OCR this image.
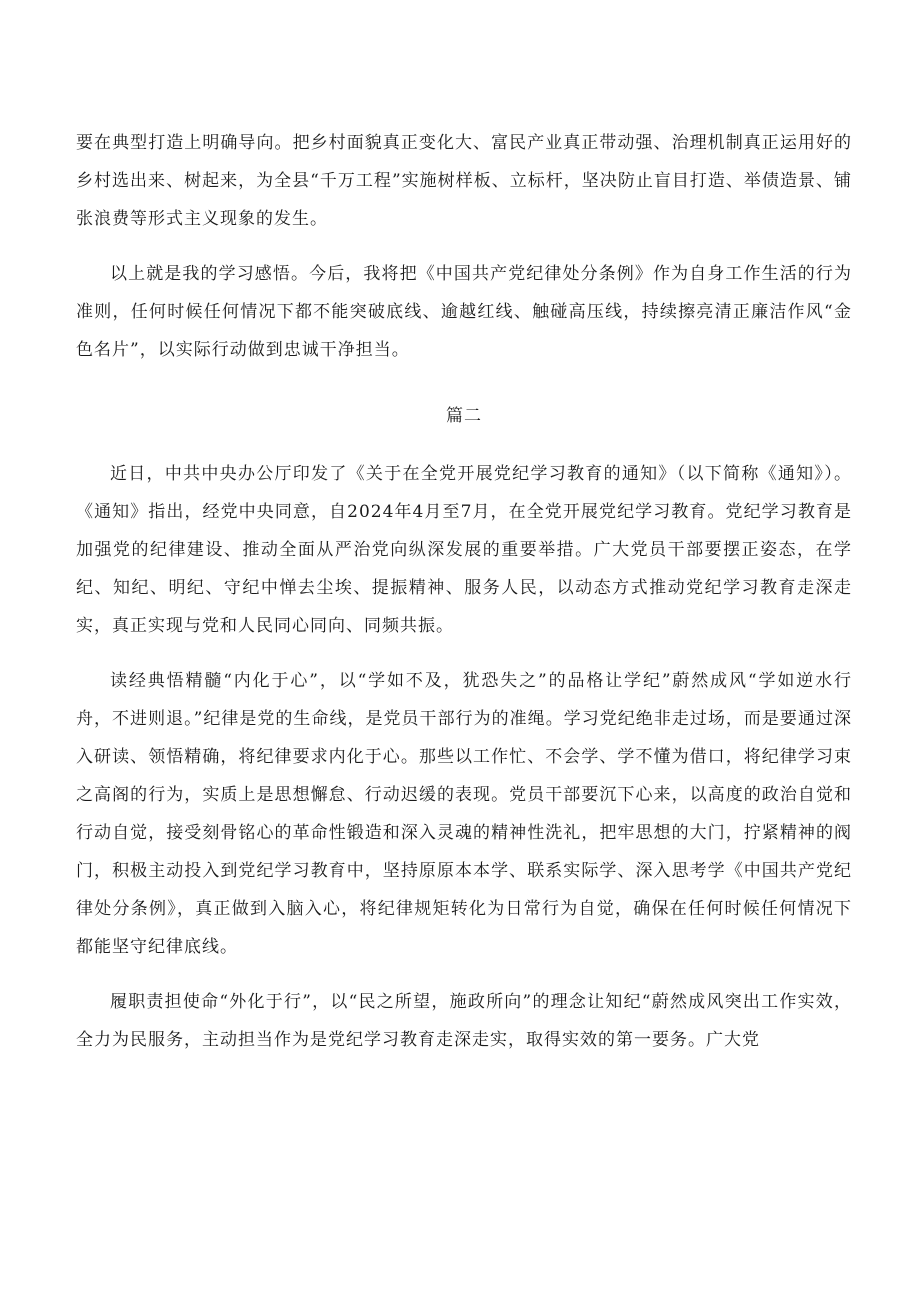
要在典型打造上明确导向。把乡村面貌真正变化大、富民产业真正带动强、治理机制真正运用好的乡村选出来、树起来，为全县“千万工程”实施树样板、立标杆，坚决防止盲目打造、举债造景、铺张浪费等形式主义现象的发生。

以上就是我的学习感悟。今后，我将把《中国共产党纪律处分条例》作为自身工作生活的行为准则，任何时候任何情况下都不能突破底线、逾越红线、触碰高压线，持续擦亮清正廉洁作风“金色名片”，以实际行动做到忠诚干净担当。

篇二

近日，中共中央办公厅印发了《关于在全党开展党纪学习教育的通知》（以下简称《通知》）。《通知》指出，经党中央同意，自2024年4月至7月，在全党开展党纪学习教育。党纪学习教育是加强党的纪律建设、推动全面从严治党向纵深发展的重要举措。广大党员干部要摆正姿态，在学纪、知纪、明纪、守纪中惮去尘埃、提振精神、服务人民，以动态方式推动党纪学习教育走深走实，真正实现与党和人民同心同向、同频共振。

读经典悟精髓“内化于心”，以“学如不及，犹恐失之”的品格让学纪”蔚然成风“学如逆水行舟，不进则退。”纪律是党的生命线，是党员干部行为的准绳。学习党纪绝非走过场，而是要通过深入研读、领悟精确，将纪律要求内化于心。那些以工作忙、不会学、学不懂为借口，将纪律学习束之高阁的行为，实质上是思想懈怠、行动迟缓的表现。党员干部要沉下心来，以高度的政治自觉和行动自觉，接受刻骨铭心的革命性锻造和深入灵魂的精神性洗礼，把牢思想的大门，拧紧精神的阀门，积极主动投入到党纪学习教育中，坚持原原本本学、联系实际学、深入思考学《中国共产党纪律处分条例》，真正做到入脑入心，将纪律规矩转化为日常行为自觉，确保在任何时候任何情况下都能坚守纪律底线。

履职责担使命“外化于行”，以“民之所望，施政所向”的理念让知纪“蔚然成风突出工作实效，全力为民服务，主动担当作为是党纪学习教育走深走实，取得实效的第一要务。广大党
